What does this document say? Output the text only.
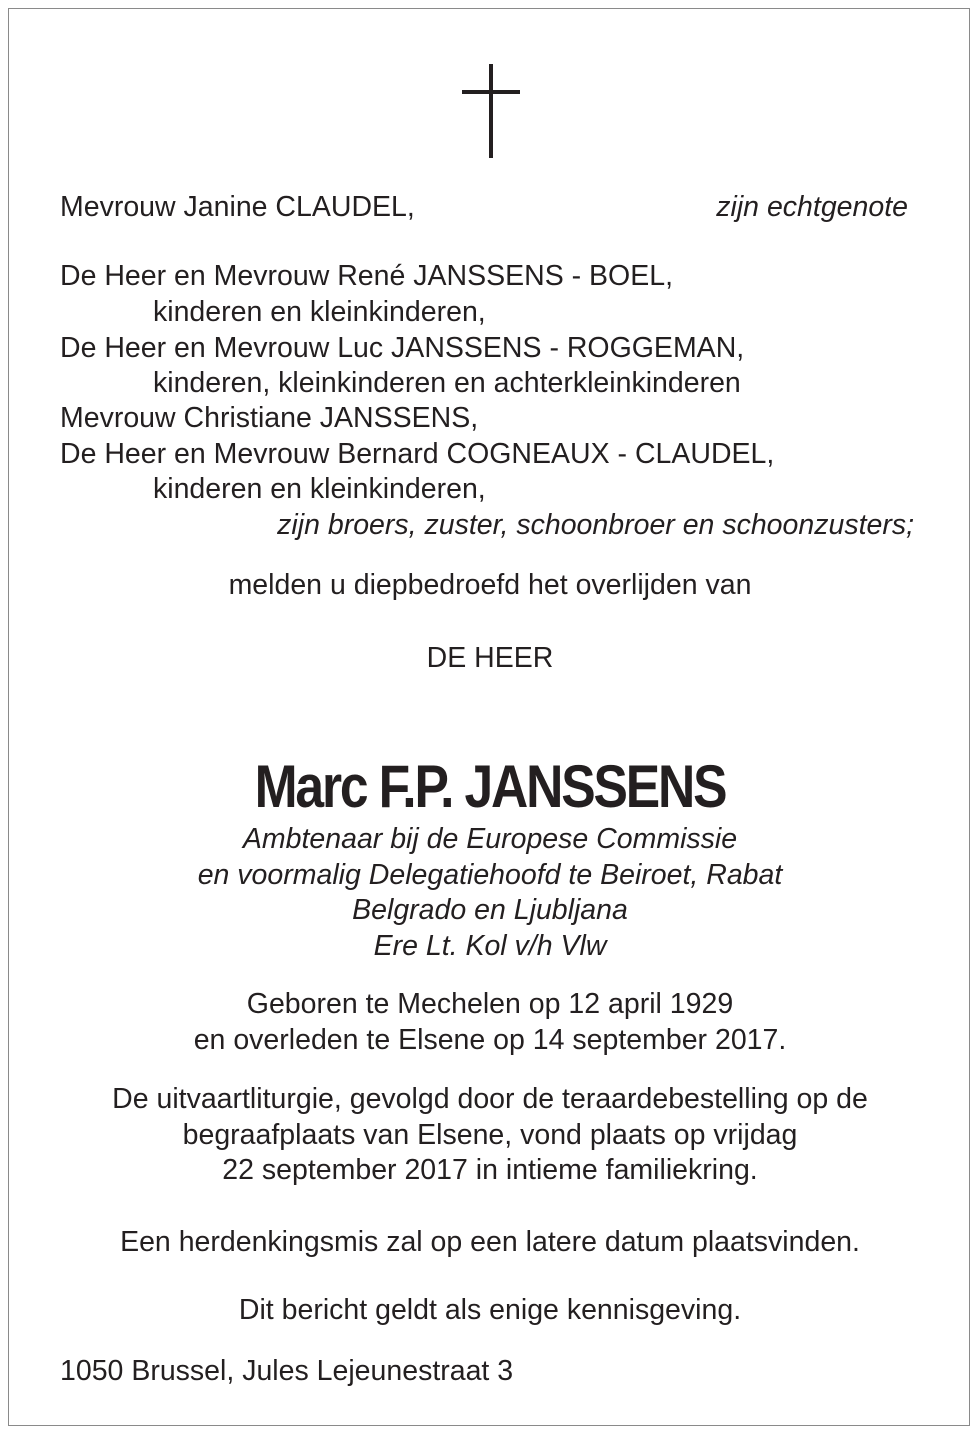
Mevrouw Janine CLAUDEL,	zijn echtgenote

De Heer en Mevrouw René JANSSENS - BOEL,

kinderen en kleinkinderen,

De Heer en Mevrouw Luc JANSSENS - ROGGEMAN,

kinderen, kleinkinderen en achterkleinkinderen

Mevrouw Christiane JANSSENS,

De Heer en Mevrouw Bernard COGNEAUX - CLAUDEL,

kinderen en kleinkinderen,

zijn broers, zuster, schoonbroer en schoonzusters;

melden u diepbedroefd het overlijden van

DE HEER

Marc F.P. JANSSENS

Ambtenaar bij de Europese Commissie

en voormalig Delegatiehoofd te Beiroet, Rabat

Belgrado en Ljubljana

Ere Lt. Kol v/h Vlw

Geboren te Mechelen op 12 april 1929

en overleden te Elsene op 14 september 2017.

De uitvaartliturgie, gevolgd door de teraardebestelling op de

begraafplaats van Elsene, vond plaats op vrijdag

22 september 2017 in intieme familiekring.

Een herdenkingsmis zal op een latere datum plaatsvinden.

Dit bericht geldt als enige kennisgeving.

1050 Brussel, Jules Lejeunestraat 3
